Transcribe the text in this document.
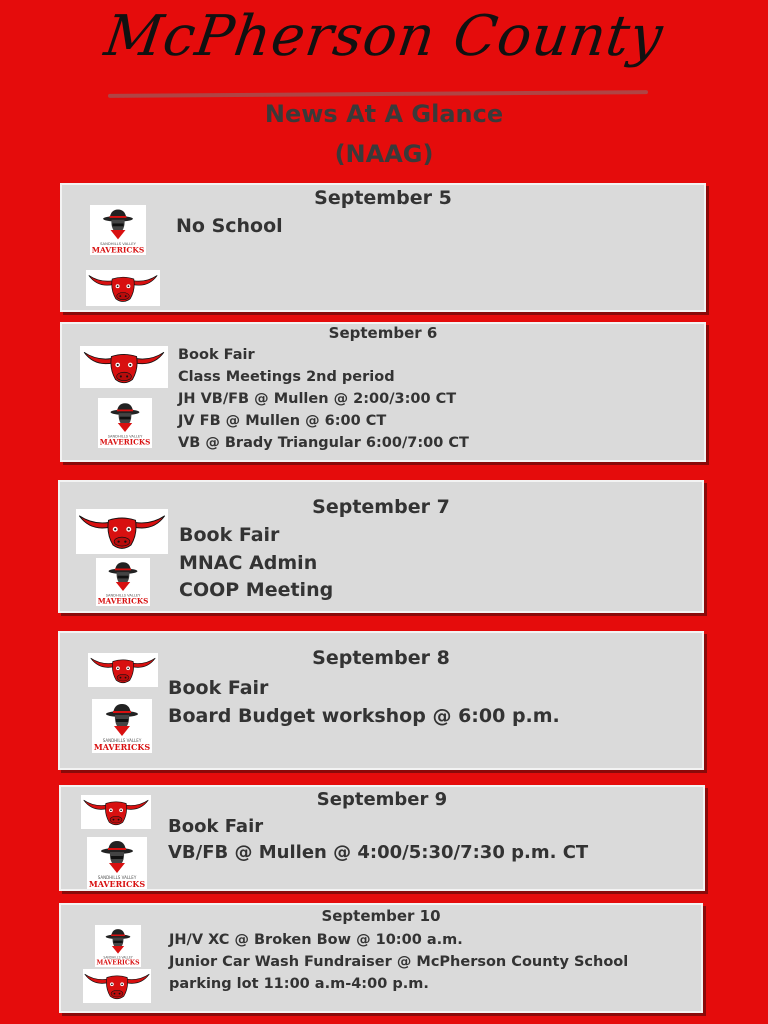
McPherson County
News At A Glance
(NAAG)
September 5
SANDHILLS VALLEY
MAVERICKS
No School
September 6
SANDHILLS VALLEY
MAVERICKS
Book Fair
Class Meetings 2nd period
JH VB/FB @ Mullen @ 2:00/3:00 CT
JV FB @ Mullen @ 6:00 CT
VB @ Brady Triangular 6:00/7:00 CT
September 7
SANDHILLS VALLEY
MAVERICKS
Book Fair
MNAC Admin
COOP Meeting
September 8
SANDHILLS VALLEY
MAVERICKS
Book Fair
Board Budget workshop @ 6:00 p.m.
September 9
SANDHILLS VALLEY
MAVERICKS
Book Fair
VB/FB @ Mullen @ 4:00/5:30/7:30 p.m. CT
September 10
SANDHILLS VALLEY
MAVERICKS
JH/V XC @ Broken Bow @ 10:00 a.m.
Junior Car Wash Fundraiser @ McPherson County School
parking lot 11:00 a.m-4:00 p.m.
